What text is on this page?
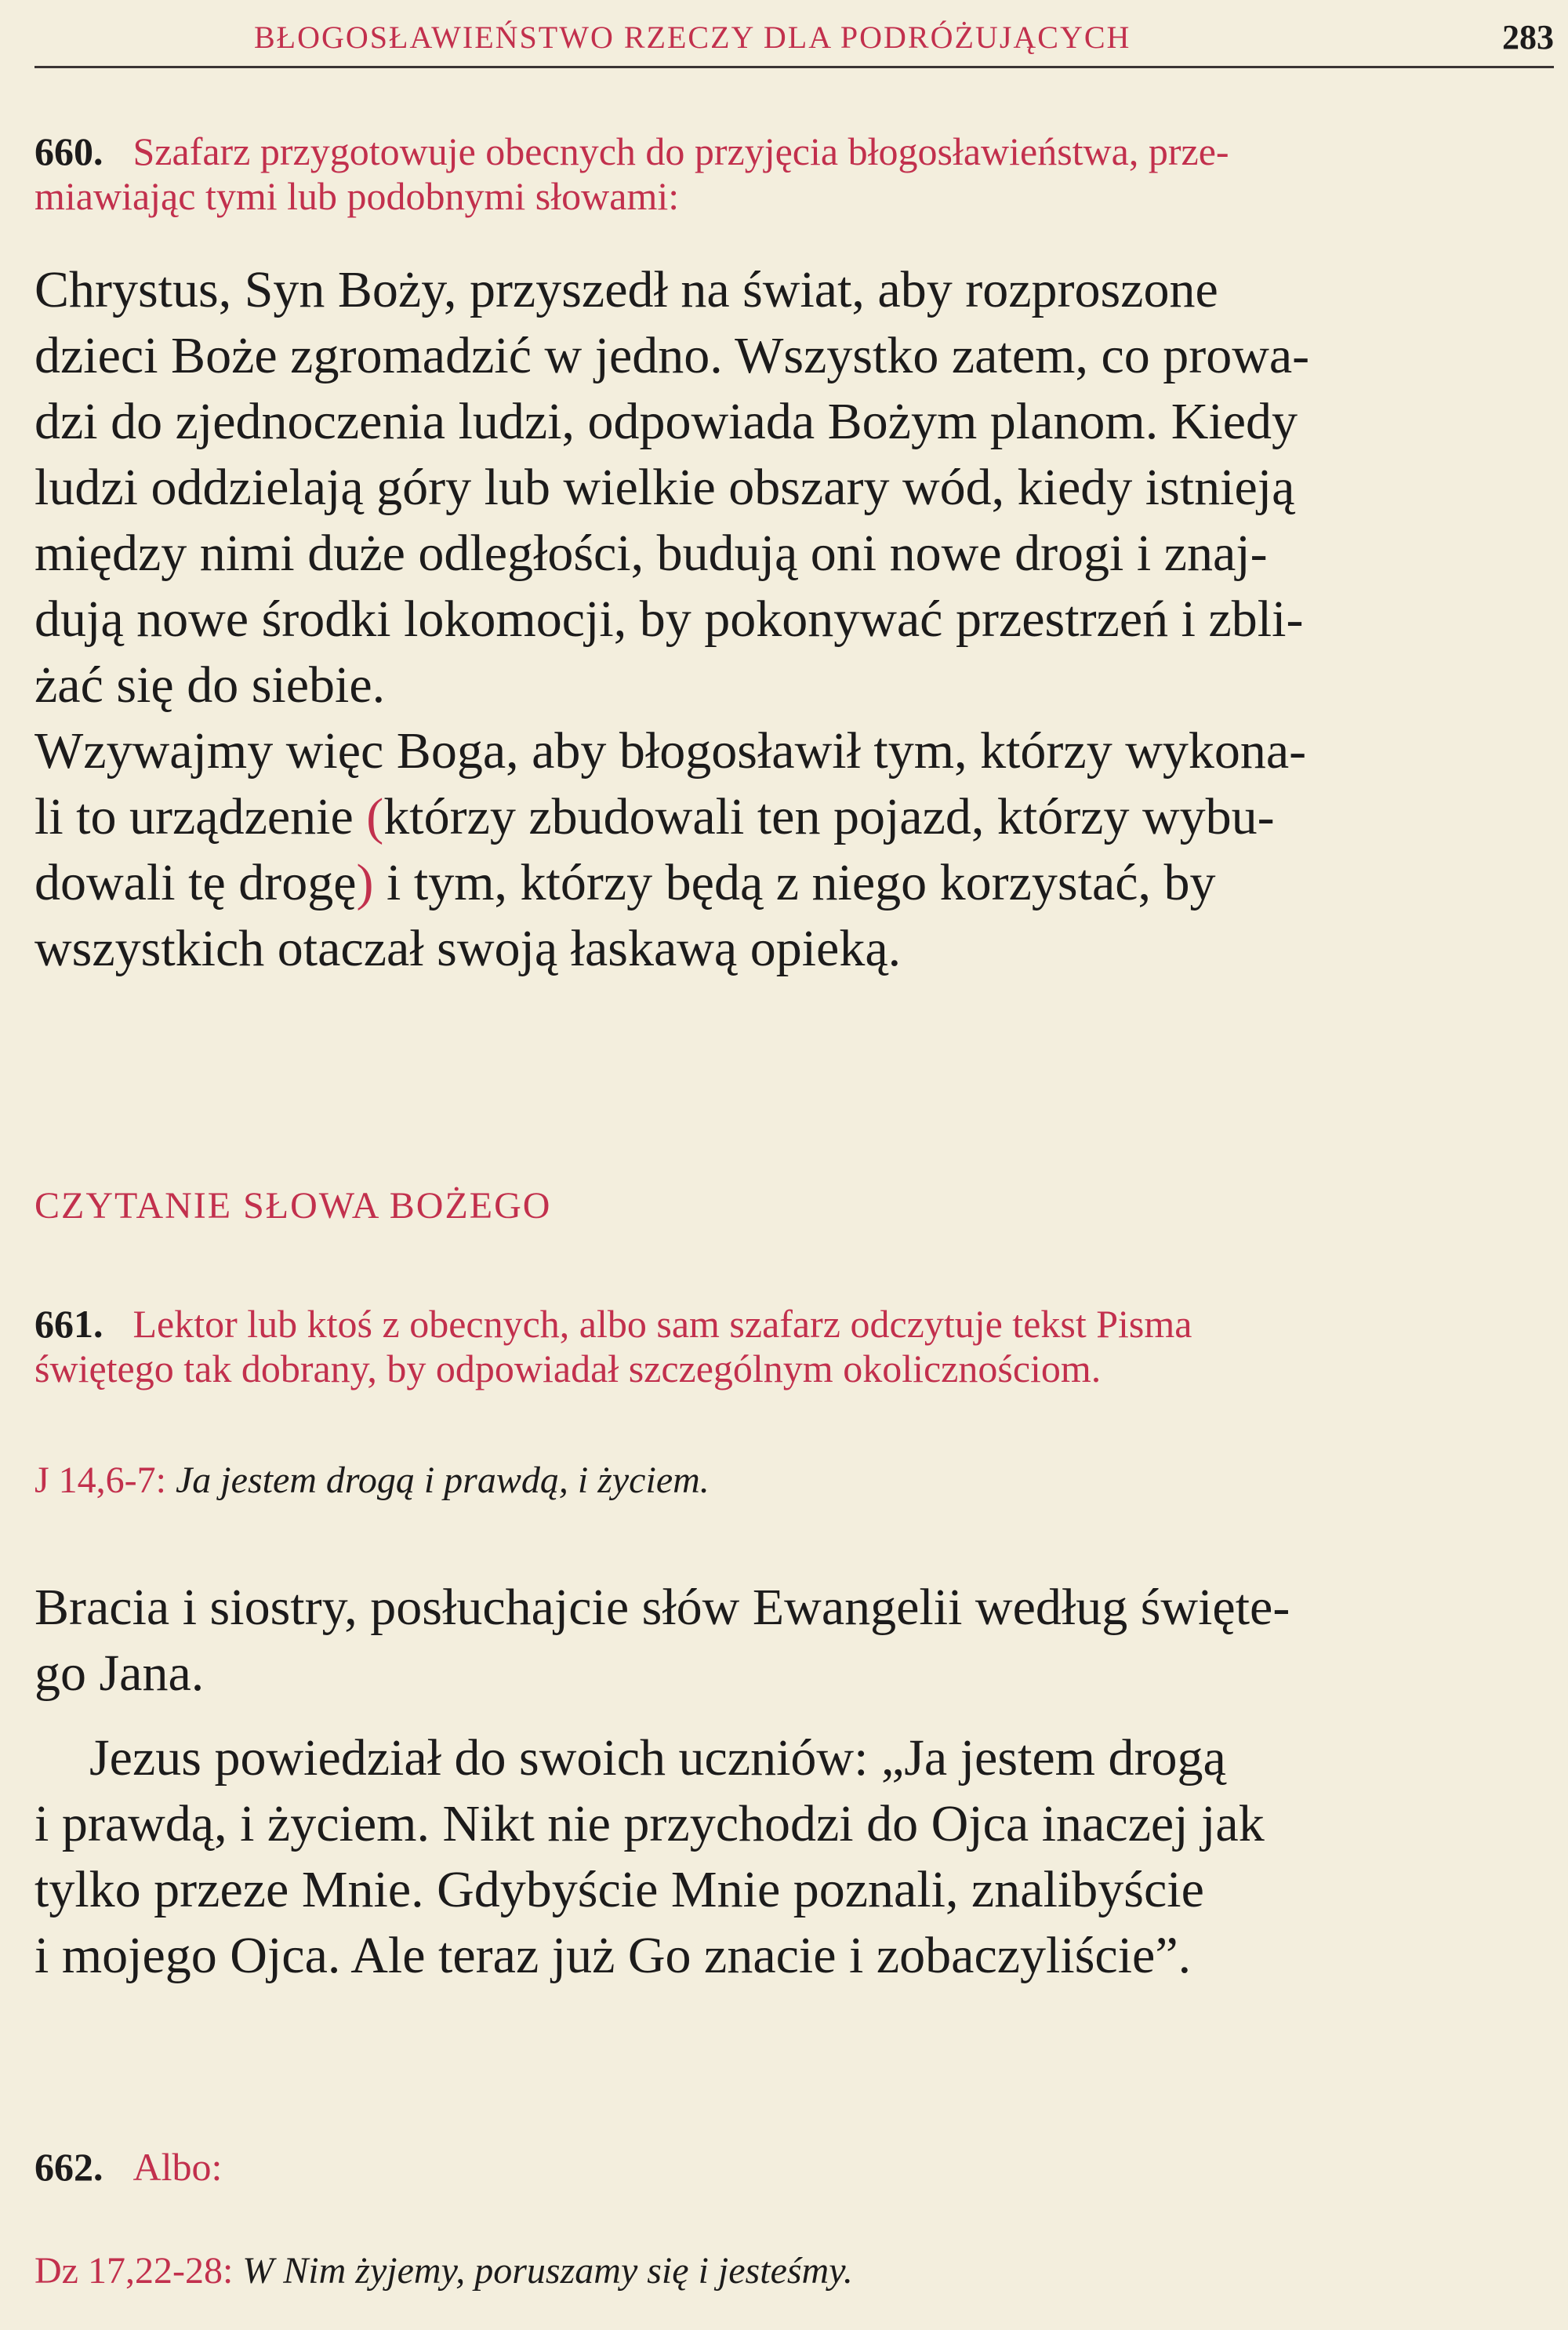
BŁOGOSŁAWIEŃSTWO RZECZY DLA PODRÓŻUJĄCYCH	283
660. Szafarz przygotowuje obecnych do przyjęcia błogosławieństwa, prze-
miawiając tymi lub podobnymi słowami:
Chrystus, Syn Boży, przyszedł na świat, aby rozproszone
dzieci Boże zgromadzić w jedno. Wszystko zatem, co prowa-
dzi do zjednoczenia ludzi, odpowiada Bożym planom. Kiedy
ludzi oddzielają góry lub wielkie obszary wód, kiedy istnieją
między nimi duże odległości, budują oni nowe drogi i znaj-
dują nowe środki lokomocji, by pokonywać przestrzeń i zbli-
żać się do siebie.
Wzywajmy więc Boga, aby błogosławił tym, którzy wykona-
li to urządzenie (którzy zbudowali ten pojazd, którzy wybu-
dowali tę drogę) i tym, którzy będą z niego korzystać, by
wszystkich otaczał swoją łaskawą opieką.
CZYTANIE SŁOWA BOŻEGO
661. Lektor lub ktoś z obecnych, albo sam szafarz odczytuje tekst Pisma
świętego tak dobrany, by odpowiadał szczególnym okolicznościom.
J 14,6-7: Ja jestem drogą i prawdą, i życiem.
Bracia i siostry, posłuchajcie słów Ewangelii według święte-
go Jana.
Jezus powiedział do swoich uczniów: „Ja jestem drogą
i prawdą, i życiem. Nikt nie przychodzi do Ojca inaczej jak
tylko przeze Mnie. Gdybyście Mnie poznali, znalibyście
i mojego Ojca. Ale teraz już Go znacie i zobaczyliście”.
662. Albo:
Dz 17,22-28: W Nim żyjemy, poruszamy się i jesteśmy.
